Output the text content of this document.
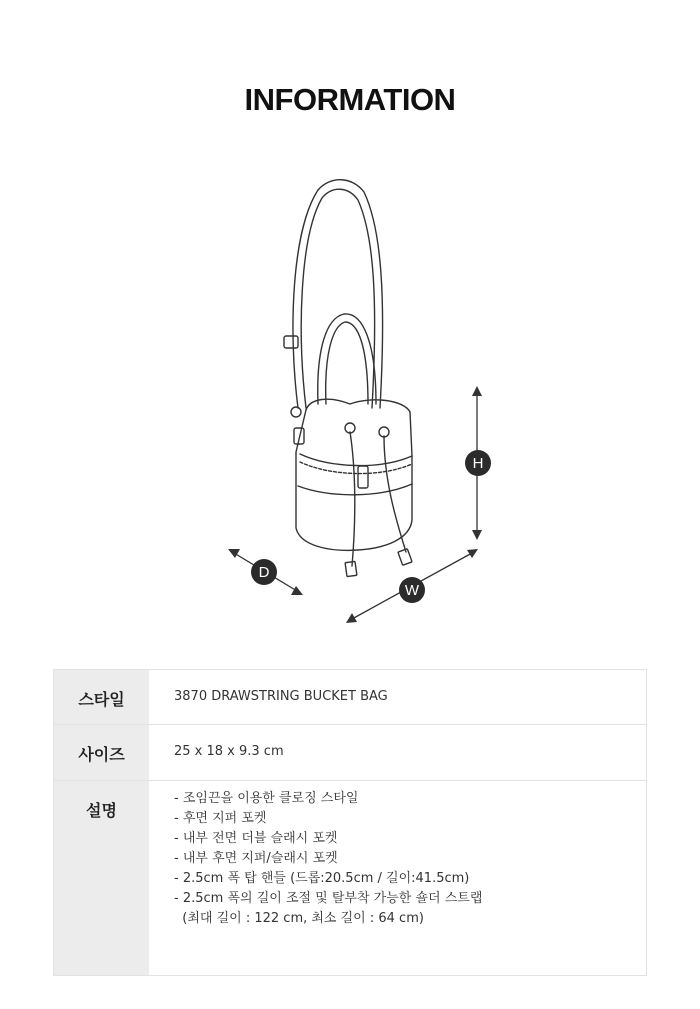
INFORMATION
H
D
W
스타일	3870 DRAWSTRING BUCKET BAG
사이즈	25 x 18 x 9.3 cm
설명
- 조임끈을 이용한 클로징 스타일
- 후면 지퍼 포켓
- 내부 전면 더블 슬래시 포켓
- 내부 후면 지퍼/슬래시 포켓
- 2.5cm 폭 탑 핸들 (드롭:20.5cm / 길이:41.5cm)
- 2.5cm 폭의 길이 조절 및 탈부착 가능한 숄더 스트랩
(최대 길이 : 122 cm, 최소 길이 : 64 cm)
